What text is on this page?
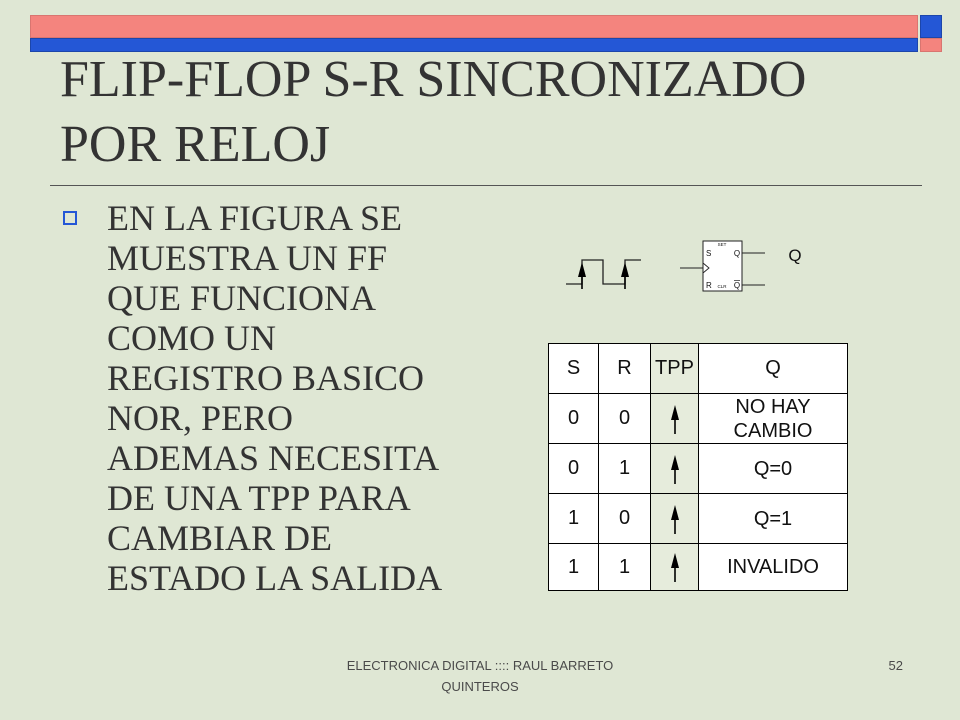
FLIP-FLOP S-R SINCRONIZADO
POR RELOJ
EN LA FIGURA SE
MUESTRA UN FF
QUE FUNCIONA
COMO UN
REGISTRO BASICO
NOR, PERO
ADEMAS NECESITA
DE UNA TPP PARA
CAMBIAR DE
ESTADO LA SALIDA
S
SET
Q
R CLR Q
Q
S	R	TPP	Q
0	0		NO HAY CAMBIO
0	1		Q=0
1	0		Q=1
1	1		INVALIDO
ELECTRONICA DIGITAL :::: RAUL BARRETO QUINTEROS
52
